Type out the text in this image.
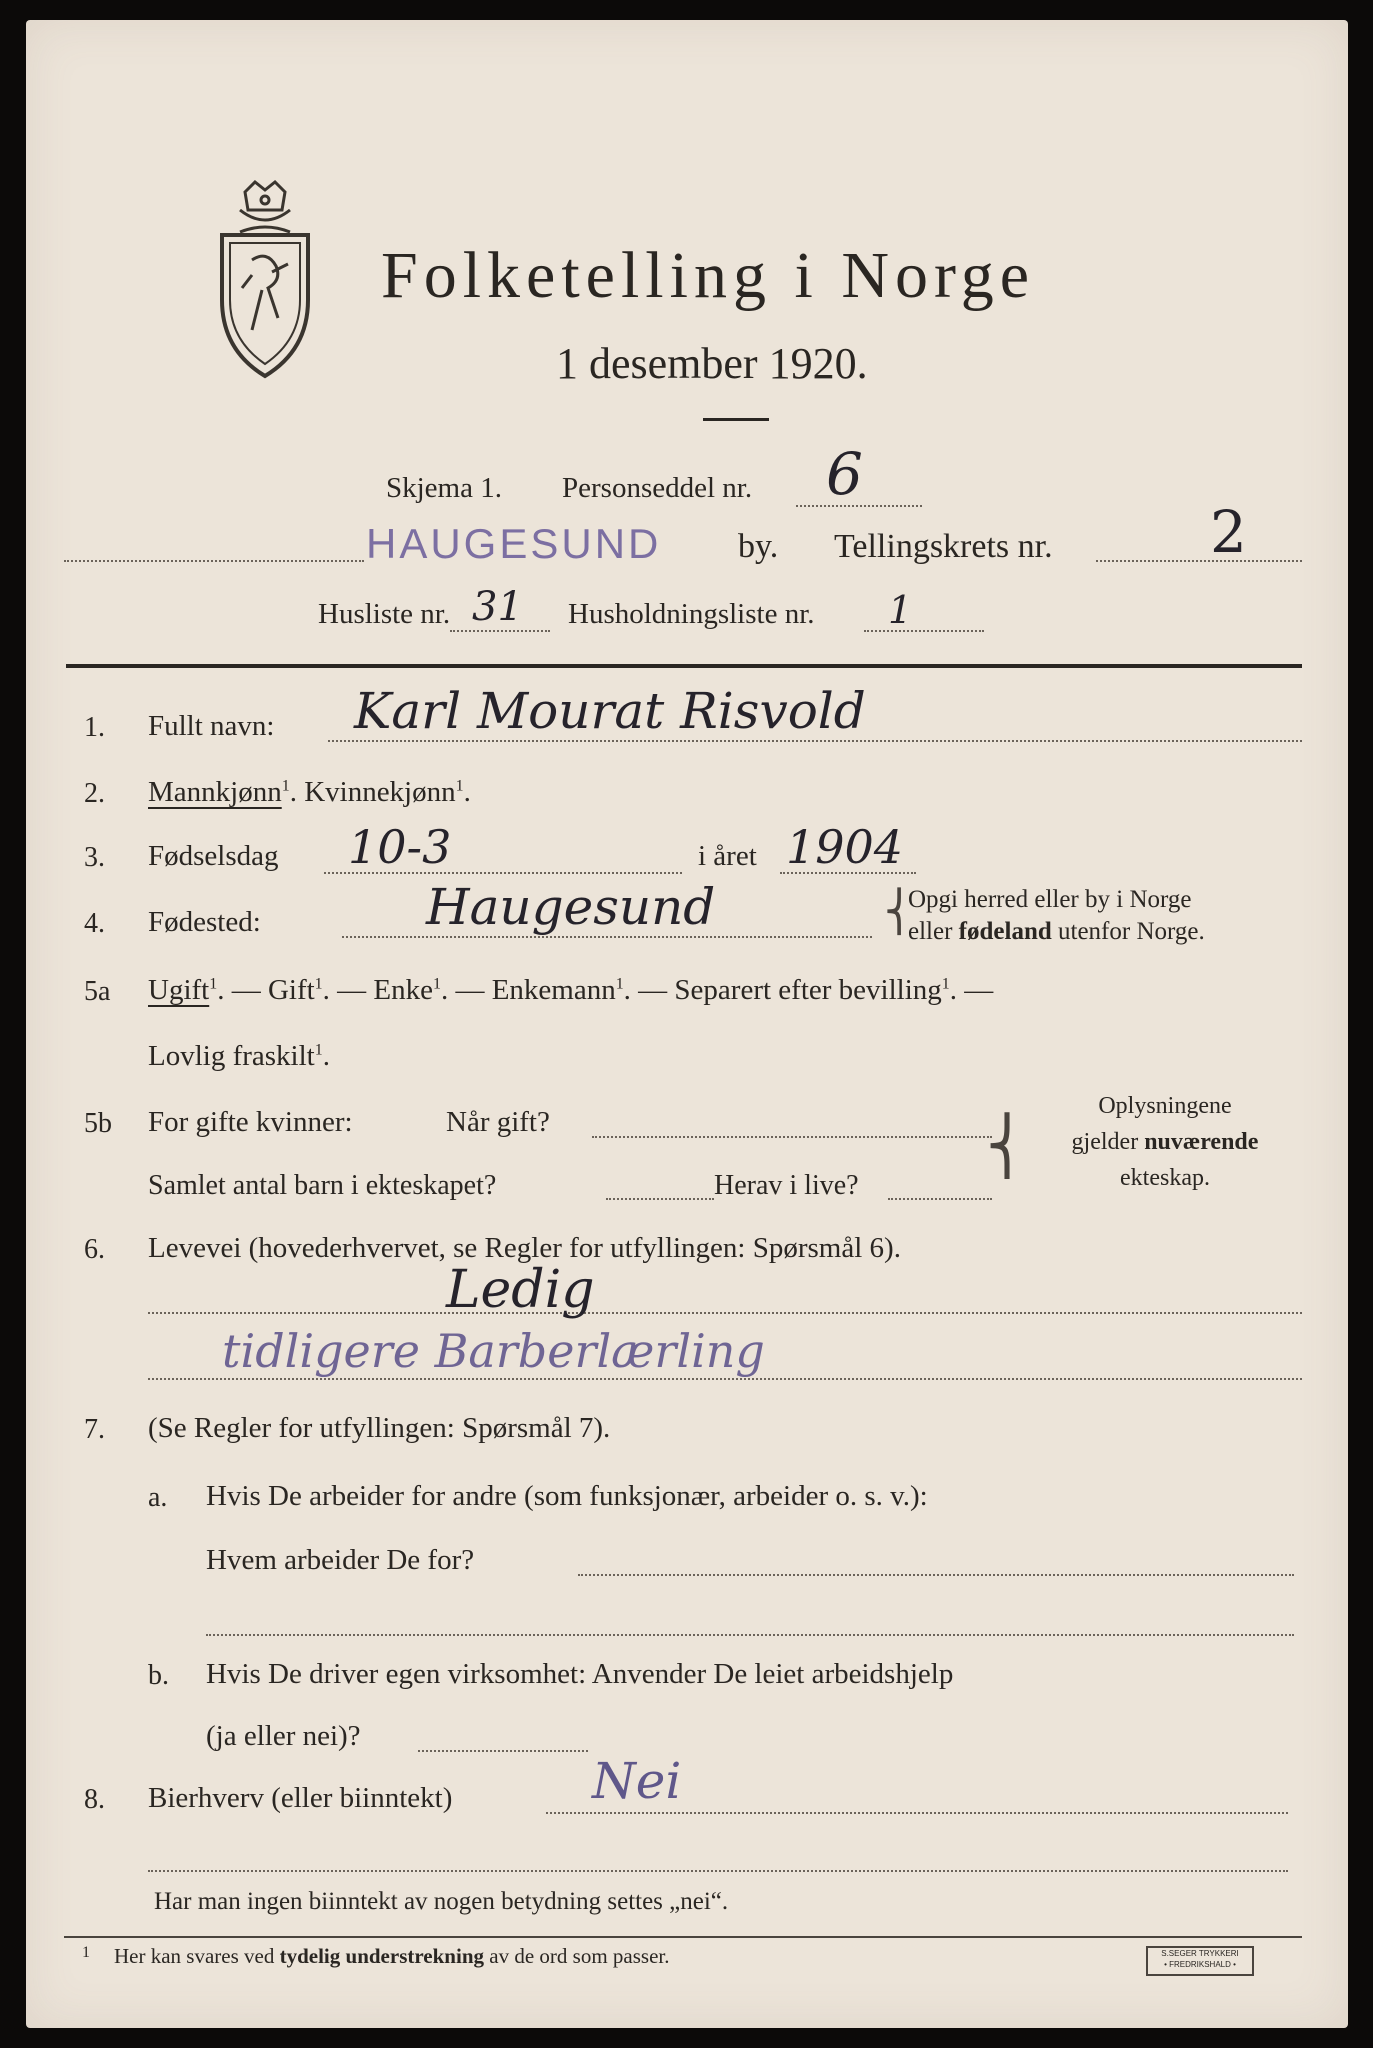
Folketelling i Norge
1 desember 1920.
Skjema 1. Personseddel nr. 6
HAUGESUND by. Tellingskrets nr.	2
Husliste nr. 31 Husholdningsliste nr. 1
1. Fullt navn: Karl Mourat Risvold
2. Mannkjønn$^1$. Kvinnekjønn$^1$.
3. Fødselsdag 10-3	i året 1904
4. Fødested:	Haugesund	⎨
Opgi herred eller by i Norge
eller fødeland utenfor Norge.
5a Ugift$^1$. — Gift$^1$. — Enke$^1$. — Enkemann$^1$. — Separert efter bevilling$^1$. —
Lovlig fraskilt$^1$.
5b For gifte kvinner:	Når gift?
Samlet antal barn i ekteskapet?	Herav i live?
⎨
Oplysningene
gjelder nuværende
ekteskap.
6. Levevei (hovederhvervet, se Regler for utfyllingen: Spørsmål 6).
Ledig
tidligere Barberlærling
7. (Se Regler for utfyllingen: Spørsmål 7).
a. Hvis De arbeider for andre (som funksjonær, arbeider o. s. v.):
Hvem arbeider De for?
b. Hvis De driver egen virksomhet: Anvender De leiet arbeidshjelp
(ja eller nei)?
8. Bierhverv (eller biinntekt)	Nei
Har man ingen biinntekt av nogen betydning settes „nei“.
1 Her kan svares ved tydelig understrekning av de ord som passer.	S.SEGER TRYKKERI
• FREDRIKSHALD •
